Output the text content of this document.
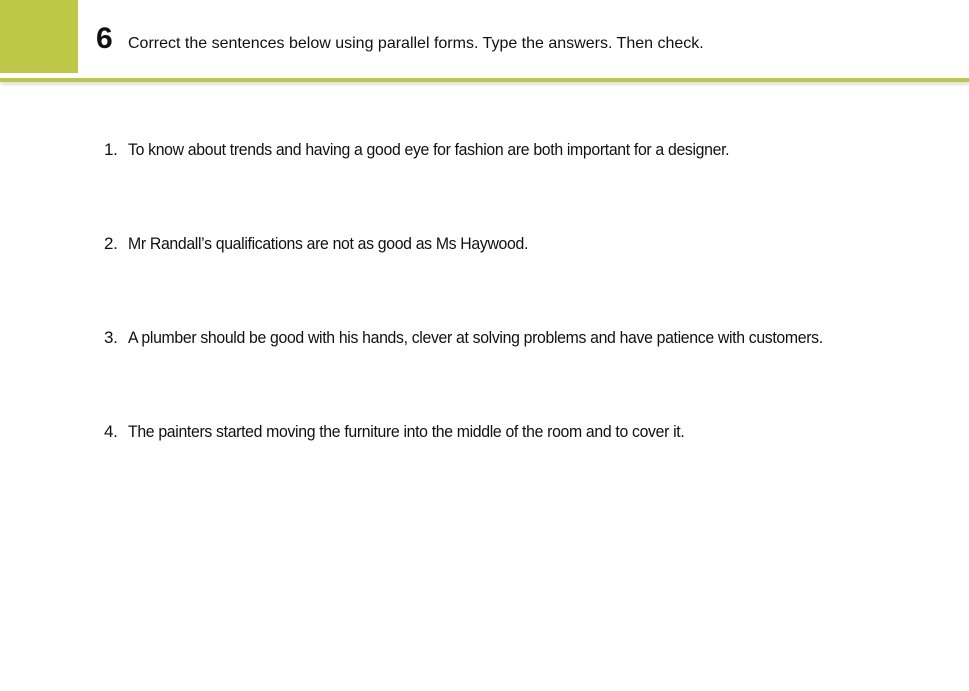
6 Correct the sentences below using parallel forms. Type the answers. Then check.
1. To know about trends and having a good eye for fashion are both important for a designer.
2. Mr Randall’s qualifications are not as good as Ms Haywood.
3. A plumber should be good with his hands, clever at solving problems and have patience with customers.
4. The painters started moving the furniture into the middle of the room and to cover it.
